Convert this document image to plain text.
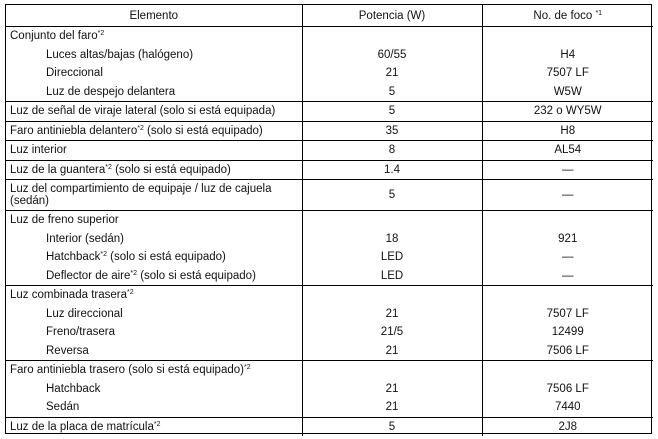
Elemento	Potencia (W)	No. de foco $^{*1}$
Conjunto del faro$^{*2}$		
Luces altas/bajas (halógeno)	60/55	H4
Direccional	21	7507 LF
Luz de despejo delantera	5	W5W
Luz de señal de viraje lateral (solo si está equipada)	5	232 o WY5W
Faro antiniebla delantero$^{*2}$ (solo si está equipado)	35	H8
Luz interior	8	AL54
Luz de la guantera$^{*2}$ (solo si está equipado)	1.4	—
Luz del compartimiento de equipaje / luz de cajuela (sedán)	5	—
Luz de freno superior		
Interior (sedán)	18	921
Hatchback$^{*2}$ (solo si está equipado)	LED	—
Deflector de aire$^{*2}$ (solo si está equipado)	LED	—
Luz combinada trasera$^{*2}$		
Luz direccional	21	7507 LF
Freno/trasera	21/5	12499
Reversa	21	7506 LF
Faro antiniebla trasero (solo si está equipado)$^{*2}$		
Hatchback	21	7506 LF
Sedán	21	7440
Luz de la placa de matrícula$^{*2}$	5	2J8
